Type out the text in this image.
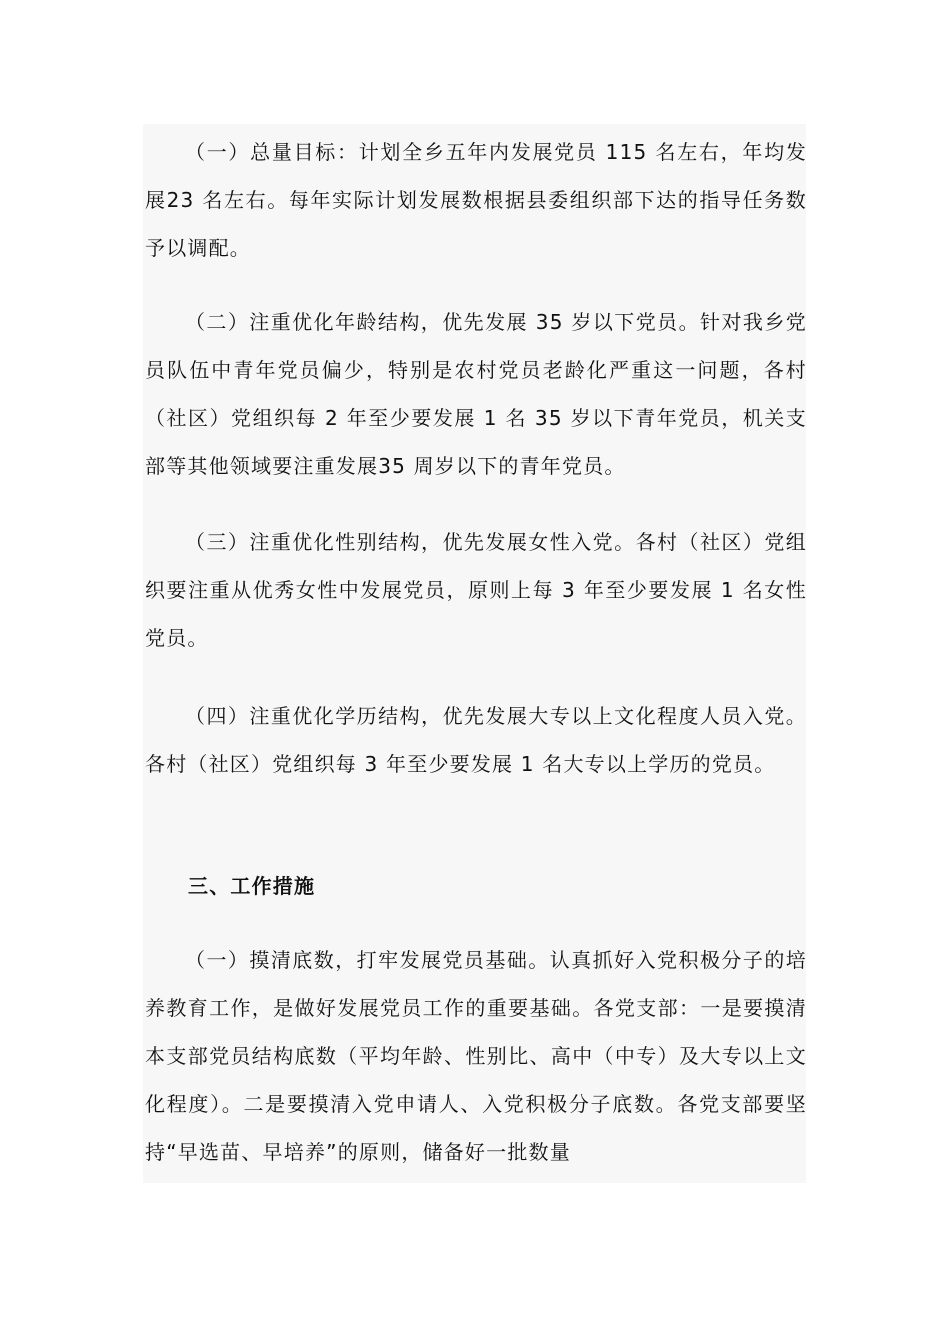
（一）总量目标：计划全乡五年内发展党员 115 名左右，年均发展23 名左右。每年实际计划发展数根据县委组织部下达的指导任务数予以调配。

（二）注重优化年龄结构，优先发展 35 岁以下党员。针对我乡党员队伍中青年党员偏少，特别是农村党员老龄化严重这一问题，各村（社区）党组织每 2 年至少要发展 1 名 35 岁以下青年党员，机关支部等其他领域要注重发展35 周岁以下的青年党员。

（三）注重优化性别结构，优先发展女性入党。各村（社区）党组织要注重从优秀女性中发展党员，原则上每 3 年至少要发展 1 名女性党员。

（四）注重优化学历结构，优先发展大专以上文化程度人员入党。各村（社区）党组织每 3 年至少要发展 1 名大专以上学历的党员。

三、工作措施

（一）摸清底数，打牢发展党员基础。认真抓好入党积极分子的培养教育工作，是做好发展党员工作的重要基础。各党支部：一是要摸清本支部党员结构底数（平均年龄、性别比、高中（中专）及大专以上文化程度）。二是要摸清入党申请人、入党积极分子底数。各党支部要坚持“早选苗、早培养”的原则，储备好一批数量
